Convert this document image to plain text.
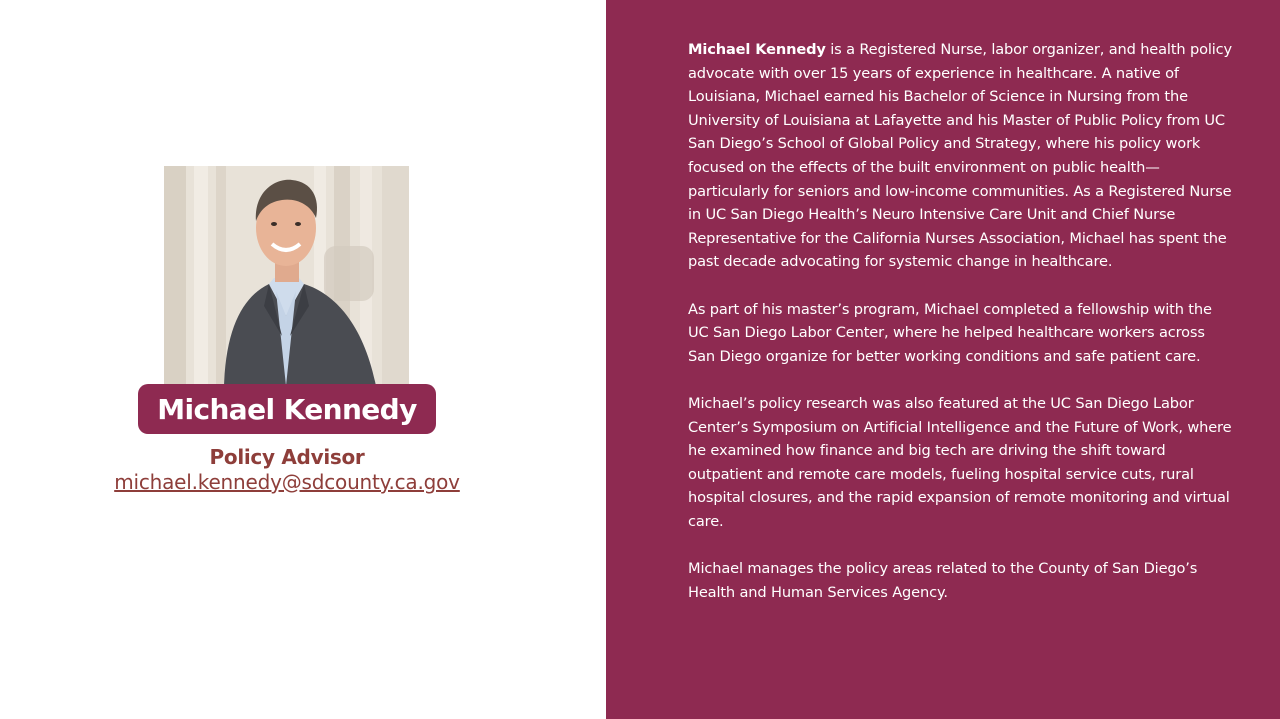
Michael Kennedy
Policy Advisor
michael.kennedy@sdcounty.ca.gov

Michael Kennedy is a Registered Nurse, labor organizer, and health policy advocate with over 15 years of experience in healthcare. A native of Louisiana, Michael earned his Bachelor of Science in Nursing from the University of Louisiana at Lafayette and his Master of Public Policy from UC San Diego’s School of Global Policy and Strategy, where his policy work focused on the effects of the built environment on public health—particularly for seniors and low-income communities. As a Registered Nurse in UC San Diego Health’s Neuro Intensive Care Unit and Chief Nurse Representative for the California Nurses Association, Michael has spent the past decade advocating for systemic change in healthcare.

As part of his master’s program, Michael completed a fellowship with the UC San Diego Labor Center, where he helped healthcare workers across San Diego organize for better working conditions and safe patient care.

Michael’s policy research was also featured at the UC San Diego Labor Center’s Symposium on Artificial Intelligence and the Future of Work, where he examined how finance and big tech are driving the shift toward outpatient and remote care models, fueling hospital service cuts, rural hospital closures, and the rapid expansion of remote monitoring and virtual care.

Michael manages the policy areas related to the County of San Diego’s Health and Human Services Agency.
